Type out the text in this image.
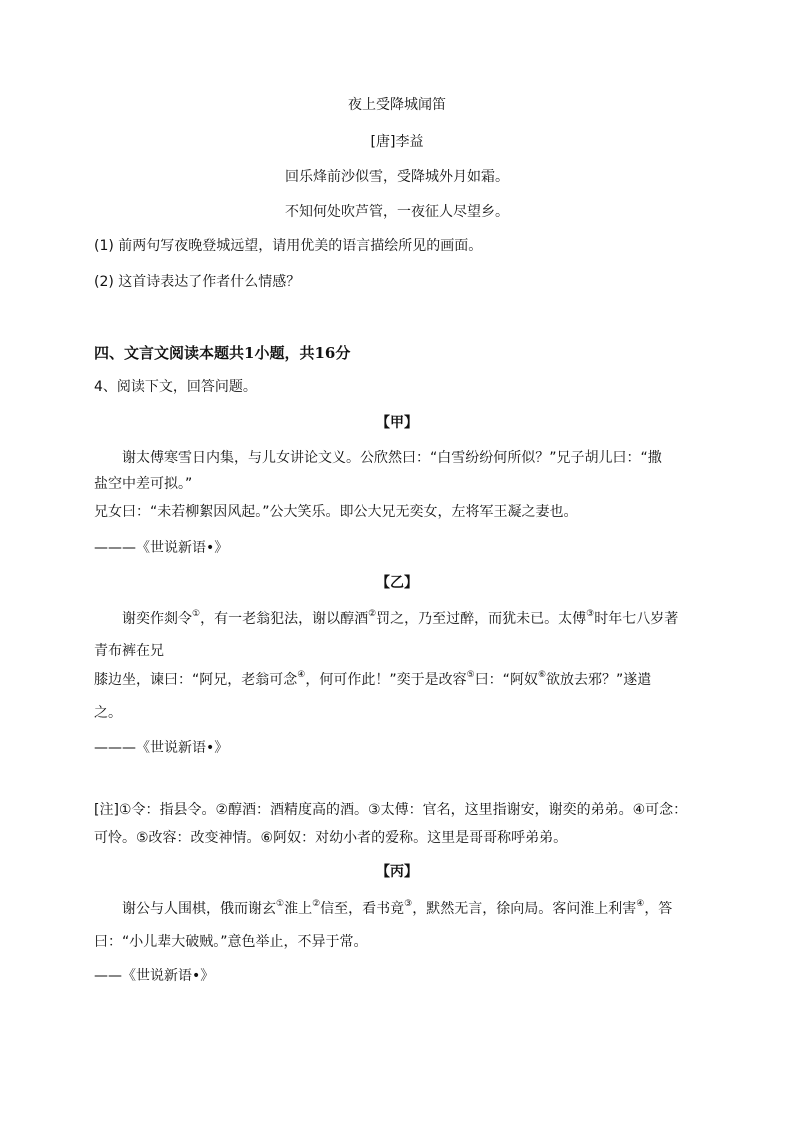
夜上受降城闻笛
[唐]李益
回乐烽前沙似雪，受降城外月如霜。
不知何处吹芦管，一夜征人尽望乡。
(1) 前两句写夜晚登城远望，请用优美的语言描绘所见的画面。
(2) 这首诗表达了作者什么情感？
四、文言文阅读本题共1小题，共16分
4、阅读下文，回答问题。
【甲】
谢太傅寒雪日内集，与儿女讲论文义。公欣然曰：“白雪纷纷何所似？”兄子胡儿曰：“撒
盐空中差可拟。”
兄女曰：“未若柳絮因风起。”公大笑乐。即公大兄无奕女，左将军王凝之妻也。
———《世说新语•》
【乙】
谢奕作剡令①，有一老翁犯法，谢以醇酒②罚之，乃至过醉，而犹未已。太傅③时年七八岁著
青布裤在兄
膝边坐，谏曰：“阿兄，老翁可念④，何可作此！”奕于是改容⑤曰：“阿奴⑥欲放去邪？”遂遣
之。
———《世说新语•》
[注]①令：指县令。②醇酒：酒精度高的酒。③太傅：官名，这里指谢安，谢奕的弟弟。④可念：
可怜。⑤改容：改变神情。⑥阿奴：对幼小者的爱称。这里是哥哥称呼弟弟。
【丙】
谢公与人围棋，俄而谢玄①淮上②信至，看书竟③，默然无言，徐向局。客问淮上利害④，答
曰：“小儿辈大破贼。”意色举止，不异于常。
——《世说新语•》
